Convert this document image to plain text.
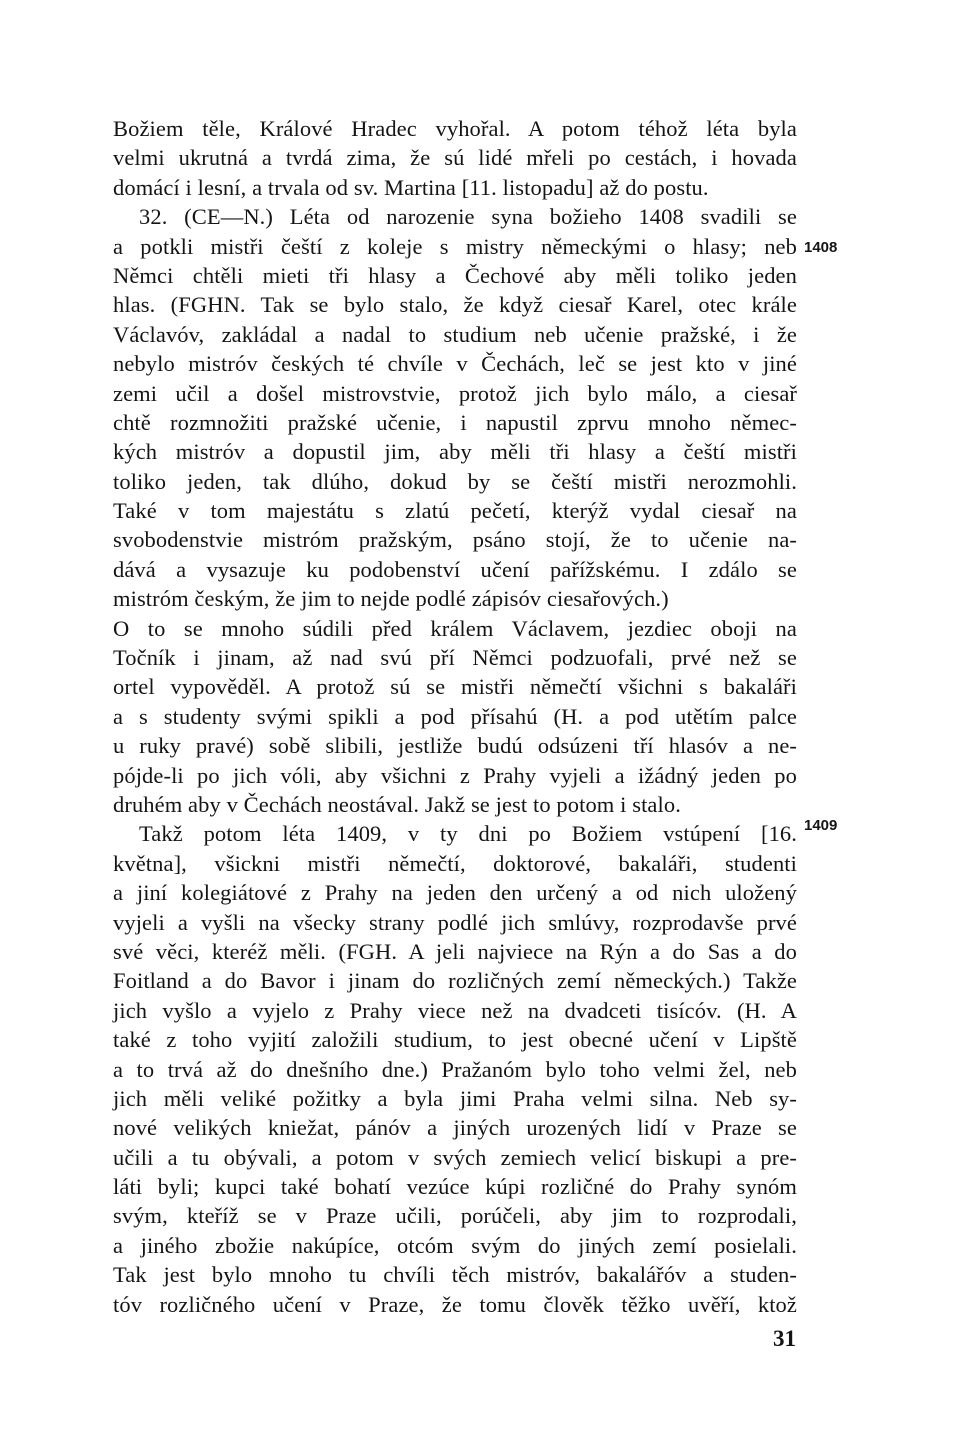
Božiem těle, Králové Hradec vyhořal. A potom téhož léta byla
velmi ukrutná a tvrdá zima, že sú lidé mřeli po cestách, i hovada
domácí i lesní, a trvala od sv. Martina [11. listopadu] až do postu.
32. (CE—N.) Léta od narozenie syna božieho 1408 svadili se
a potkli mistři čeští z koleje s mistry německými o hlasy; neb
Němci chtěli mieti tři hlasy a Čechové aby měli toliko jeden
hlas. (FGHN. Tak se bylo stalo, že když ciesař Karel, otec krále
Václavóv, zakládal a nadal to studium neb učenie pražské, i že
nebylo mistróv českých té chvíle v Čechách, leč se jest kto v jiné
zemi učil a došel mistrovstvie, protož jich bylo málo, a ciesař
chtě rozmnožiti pražské učenie, i napustil zprvu mnoho němec-
kých mistróv a dopustil jim, aby měli tři hlasy a čeští mistři
toliko jeden, tak dlúho, dokud by se čeští mistři nerozmohli.
Také v tom majestátu s zlatú pečetí, kterýž vydal ciesař na
svobodenstvie mistróm pražským, psáno stojí, že to učenie na-
dává a vysazuje ku podobenství učení pařížskému. I zdálo se
mistróm českým, že jim to nejde podlé zápisóv ciesařových.)
O to se mnoho súdili před králem Václavem, jezdiec oboji na
Točník i jinam, až nad svú pří Němci podzuofali, prvé než se
ortel vypověděl. A protož sú se mistři němečtí všichni s bakaláři
a s studenty svými spikli a pod přísahú (H. a pod utětím palce
u ruky pravé) sobě slibili, jestliže budú odsúzeni tří hlasóv a ne-
pójde-li po jich vóli, aby všichni z Prahy vyjeli a ižádný jeden po
druhém aby v Čechách neostával. Jakž se jest to potom i stalo.
Takž potom léta 1409, v ty dni po Božiem vstúpení [16.
května], všickni mistři němečtí, doktorové, bakaláři, studenti
a jiní kolegiátové z Prahy na jeden den určený a od nich uložený
vyjeli a vyšli na všecky strany podlé jich smlúvy, rozprodavše prvé
své věci, kteréž měli. (FGH. A jeli najviece na Rýn a do Sas a do
Foitland a do Bavor i jinam do rozličných zemí německých.) Takže
jich vyšlo a vyjelo z Prahy viece než na dvadceti tisícóv. (H. A
také z toho vyjití založili studium, to jest obecné učení v Lipště
a to trvá až do dnešního dne.) Pražanóm bylo toho velmi žel, neb
jich měli veliké požitky a byla jimi Praha velmi silna. Neb sy-
nové velikých kniežat, pánóv a jiných urozených lidí v Praze se
učili a tu obývali, a potom v svých zemiech velicí biskupi a pre-
láti byli; kupci také bohatí vezúce kúpi rozličné do Prahy synóm
svým, kteříž se v Praze učili, porúčeli, aby jim to rozprodali,
a jiného zbožie nakúpíce, otcóm svým do jiných zemí posielali.
Tak jest bylo mnoho tu chvíli těch mistróv, bakalářóv a studen-
tóv rozličného učení v Praze, že tomu člověk těžko uvěří, ktož
1408
1409
31
